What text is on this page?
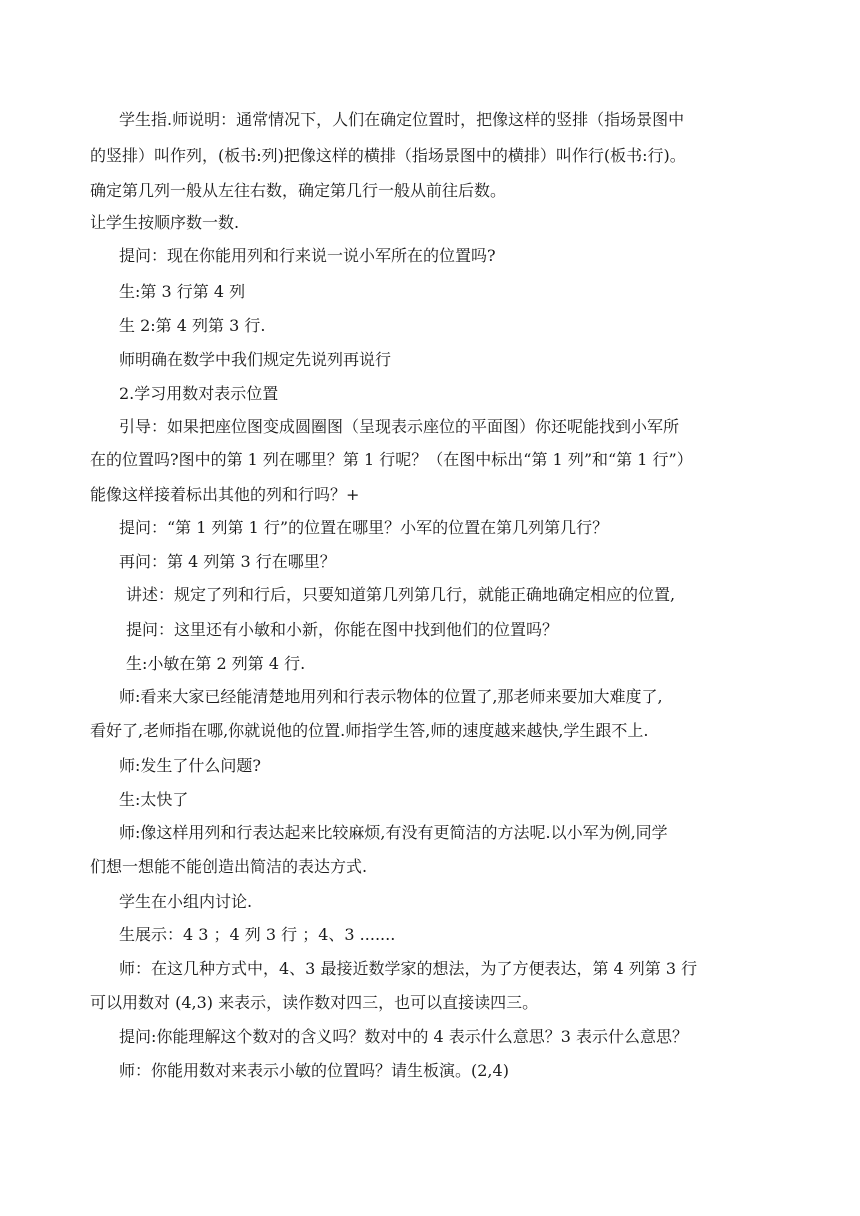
学生指.师说明：通常情况下，人们在确定位置时，把像这样的竖排（指场景图中
的竖排）叫作列，(板书:列)把像这样的横排（指场景图中的横排）叫作行(板书:行)。
确定第几列一般从左往右数，确定第几行一般从前往后数。
让学生按顺序数一数.
提问：现在你能用列和行来说一说小军所在的位置吗?
生:第 3 行第 4 列
生 2:第 4 列第 3 行.
师明确在数学中我们规定先说列再说行
2.学习用数对表示位置
引导：如果把座位图变成圆圈图（呈现表示座位的平面图）你还呢能找到小军所
在的位置吗?图中的第 1 列在哪里？第 1 行呢？（在图中标出“第 1 列”和“第 1 行”）
能像这样接着标出其他的列和行吗？+
提问：“第 1 列第 1 行”的位置在哪里？小军的位置在第几列第几行？
再问：第 4 列第 3 行在哪里？
讲述：规定了列和行后，只要知道第几列第几行，就能正确地确定相应的位置,
提问：这里还有小敏和小新，你能在图中找到他们的位置吗？
生:小敏在第 2 列第 4 行.
师:看来大家已经能清楚地用列和行表示物体的位置了,那老师来要加大难度了,
看好了,老师指在哪,你就说他的位置.师指学生答,师的速度越来越快,学生跟不上.
师:发生了什么问题?
生:太快了
师:像这样用列和行表达起来比较麻烦,有没有更简洁的方法呢.以小军为例,同学
们想一想能不能创造出简洁的表达方式.
学生在小组内讨论.
生展示：4 3 ；4 列 3 行 ；4、3 .......
师：在这几种方式中，4、3 最接近数学家的想法，为了方便表达，第 4 列第 3 行
可以用数对 (4,3) 来表示，读作数对四三，也可以直接读四三。
提问:你能理解这个数对的含义吗？数对中的 4 表示什么意思？3 表示什么意思？
师：你能用数对来表示小敏的位置吗？请生板演。(2,4)
